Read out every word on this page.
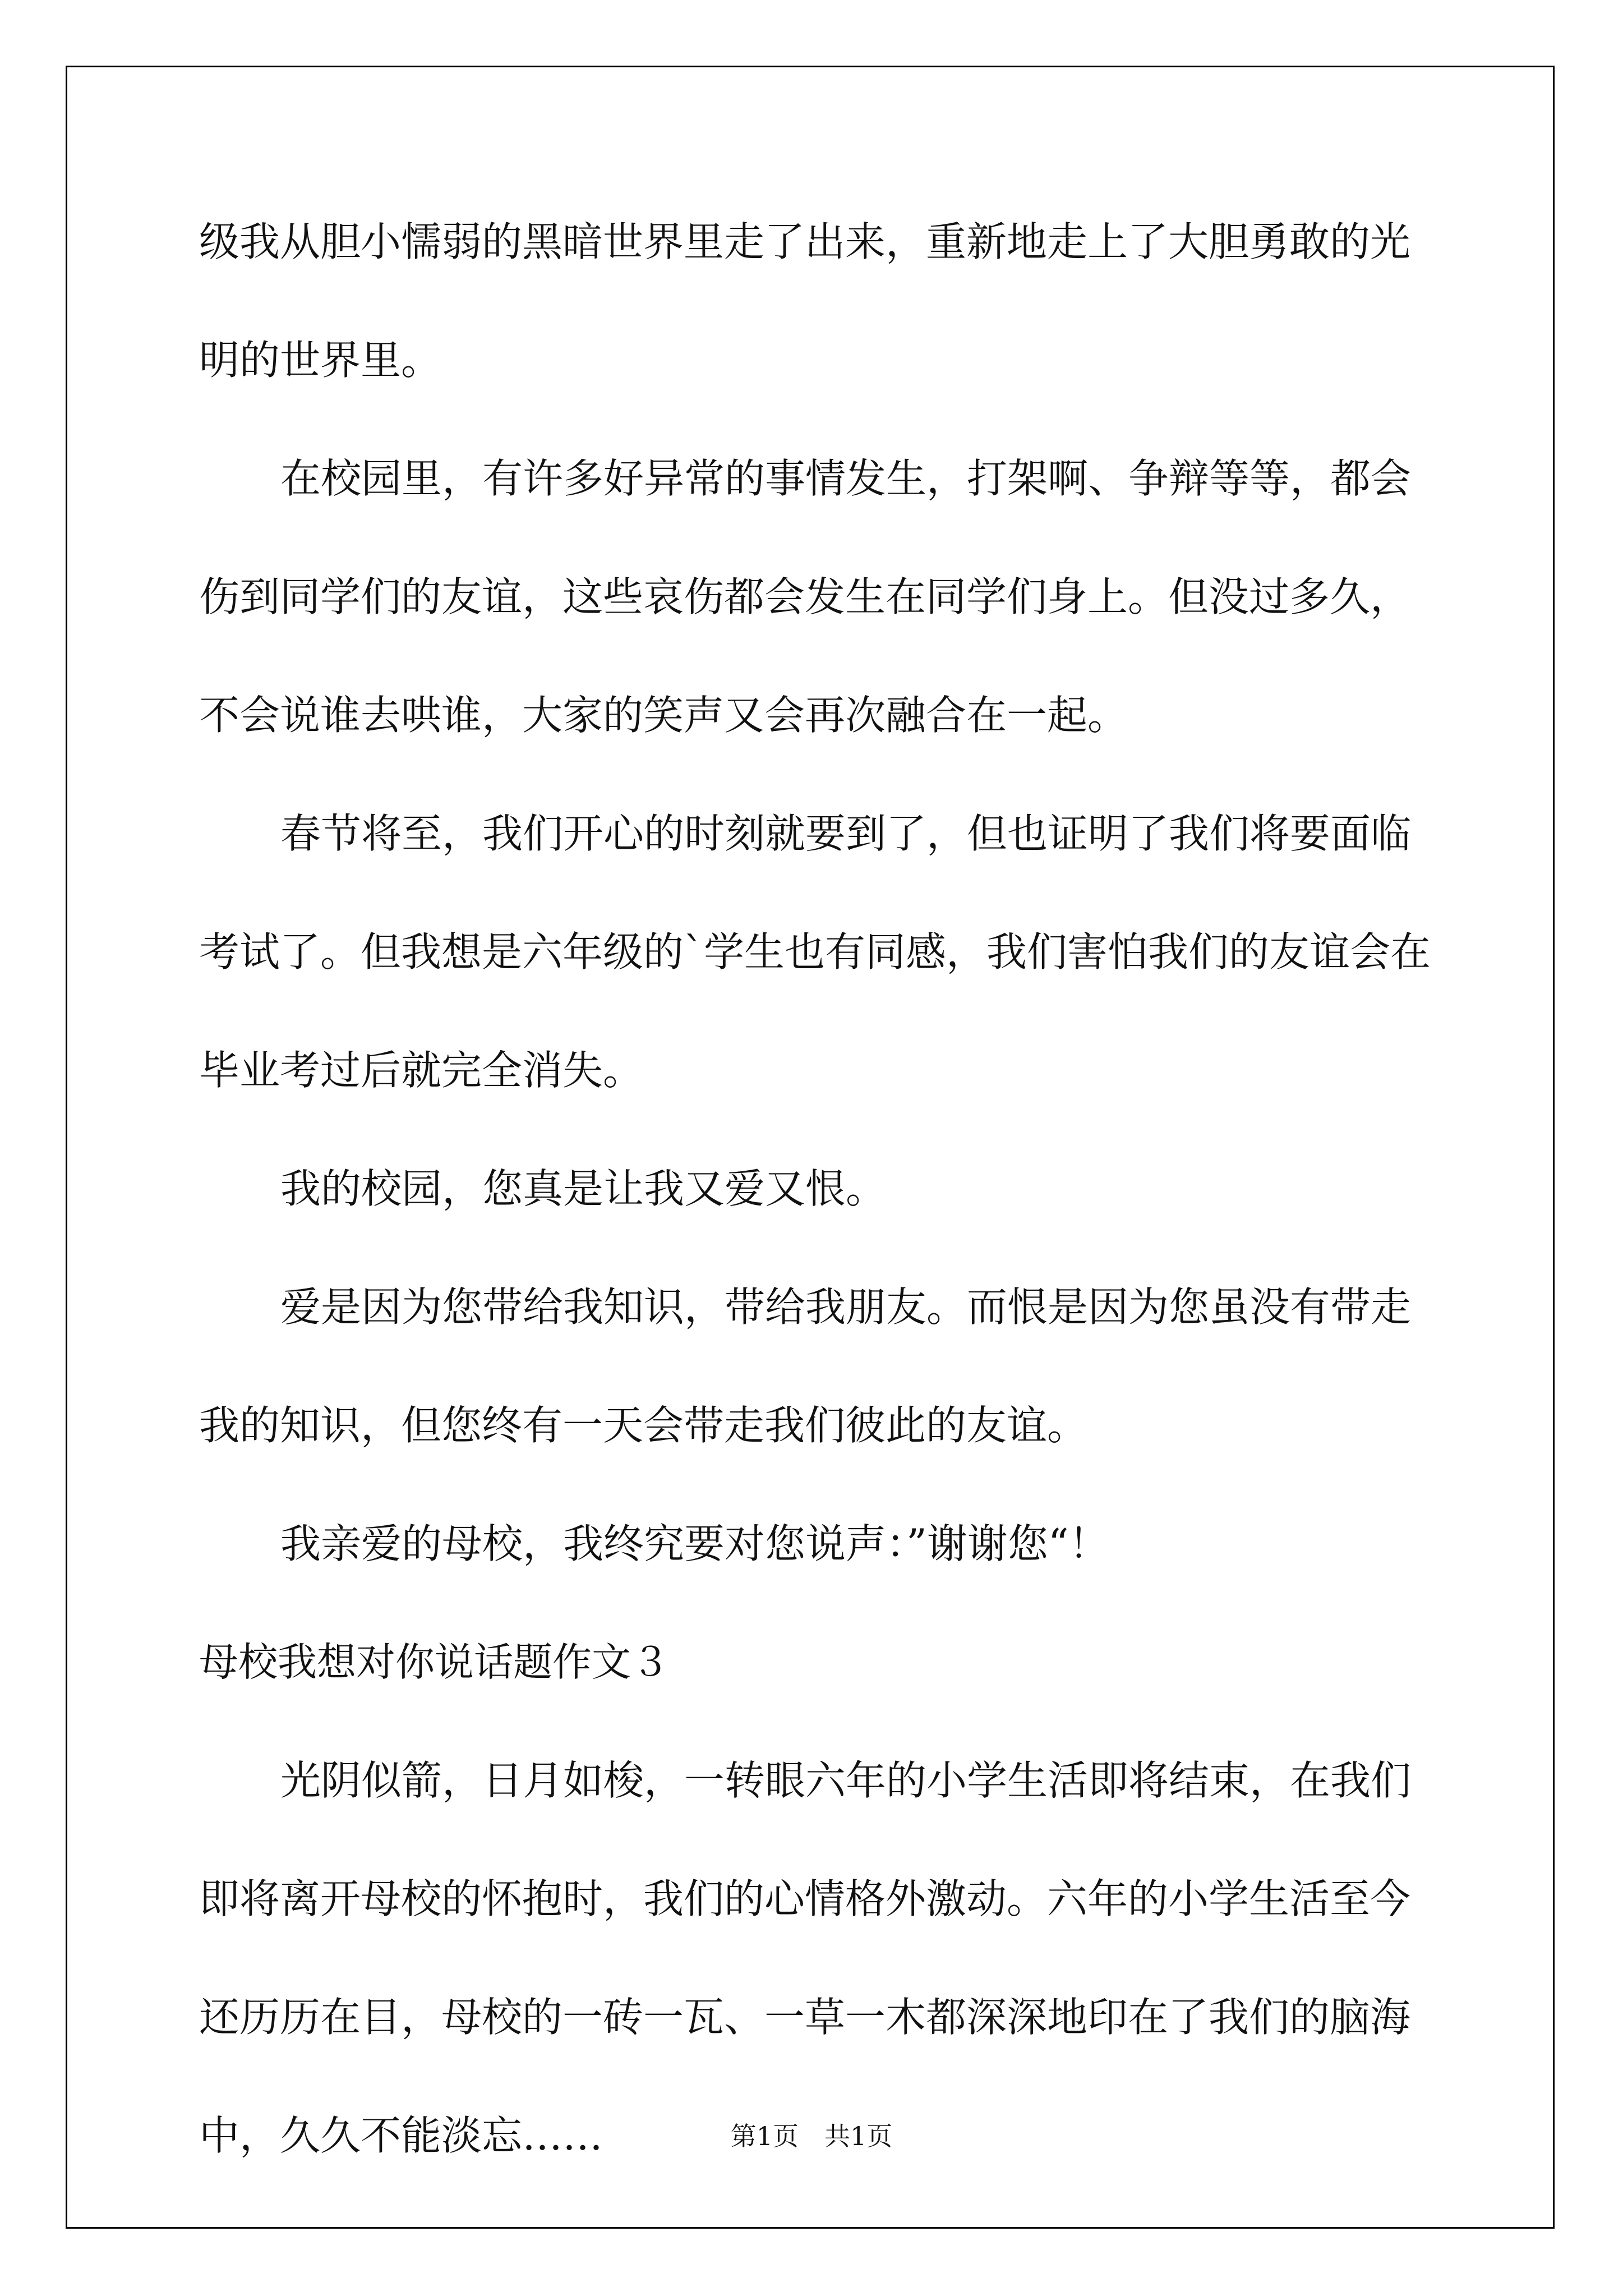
级我从胆小懦弱的黑暗世界里走了出来，重新地走上了大胆勇敢的光

明的世界里。

在校园里，有许多好异常的事情发生，打架啊、争辩等等，都会

伤到同学们的友谊，这些哀伤都会发生在同学们身上。但没过多久，

不会说谁去哄谁，大家的笑声又会再次融合在一起。

春节将至，我们开心的时刻就要到了，但也证明了我们将要面临

考试了。但我想是六年级的`学生也有同感，我们害怕我们的友谊会在

毕业考过后就完全消失。

我的校园，您真是让我又爱又恨。

爱是因为您带给我知识，带给我朋友。而恨是因为您虽没有带走

我的知识，但您终有一天会带走我们彼此的友谊。

我亲爱的母校，我终究要对您说声：”谢谢您“！

母校我想对你说话题作文３

光阴似箭，日月如梭，一转眼六年的小学生活即将结束，在我们

即将离开母校的怀抱时，我们的心情格外激动。六年的小学生活至今

还历历在目，母校的一砖一瓦、一草一木都深深地印在了我们的脑海

中，久久不能淡忘……	第1页　共1页
